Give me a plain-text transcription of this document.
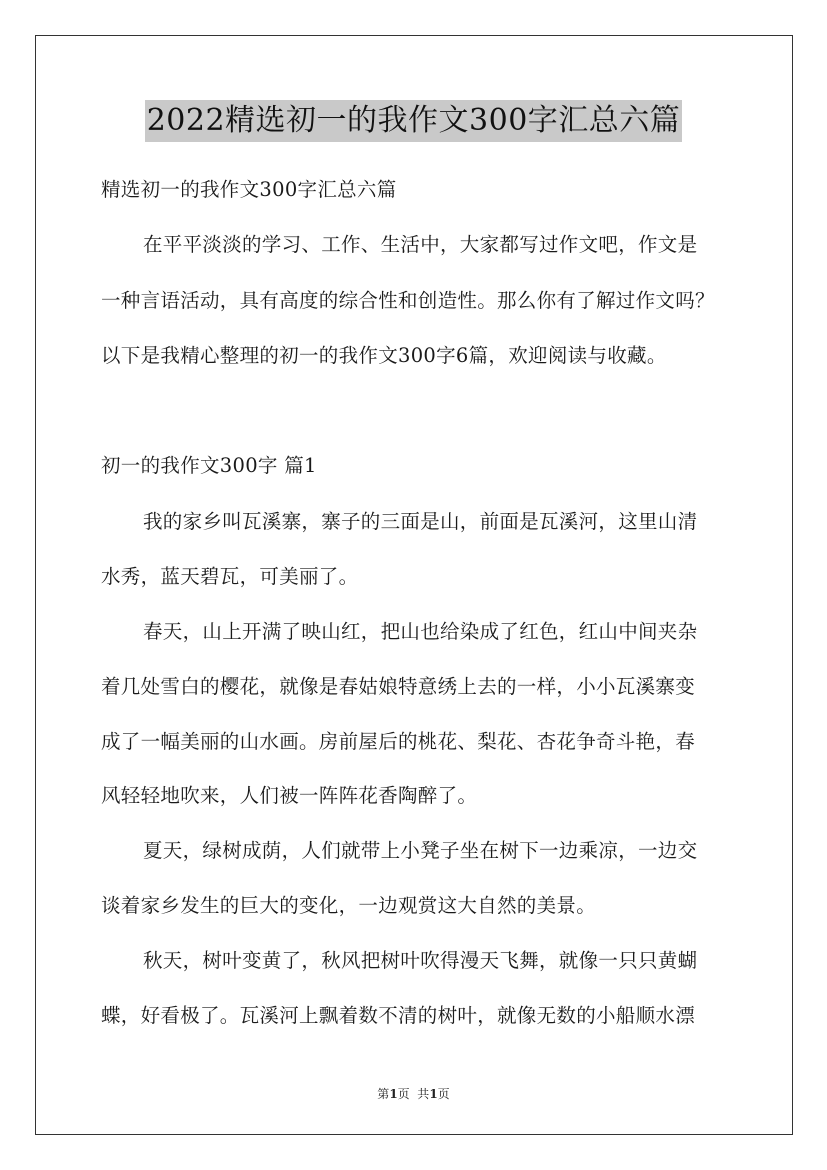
2022精选初一的我作文300字汇总六篇
精选初一的我作文300字汇总六篇
在平平淡淡的学习、工作、生活中，大家都写过作文吧，作文是
一种言语活动，具有高度的综合性和创造性。那么你有了解过作文吗？
以下是我精心整理的初一的我作文300字6篇，欢迎阅读与收藏。
初一的我作文300字 篇1
我的家乡叫瓦溪寨，寨子的三面是山，前面是瓦溪河，这里山清
水秀，蓝天碧瓦，可美丽了。
春天，山上开满了映山红，把山也给染成了红色，红山中间夹杂
着几处雪白的樱花，就像是春姑娘特意绣上去的一样，小小瓦溪寨变
成了一幅美丽的山水画。房前屋后的桃花、梨花、杏花争奇斗艳，春
风轻轻地吹来，人们被一阵阵花香陶醉了。
夏天，绿树成荫，人们就带上小凳子坐在树下一边乘凉，一边交
谈着家乡发生的巨大的变化，一边观赏这大自然的美景。
秋天，树叶变黄了，秋风把树叶吹得漫天飞舞，就像一只只黄蝴
蝶，好看极了。瓦溪河上飘着数不清的树叶，就像无数的小船顺水漂
第1页  共1页
